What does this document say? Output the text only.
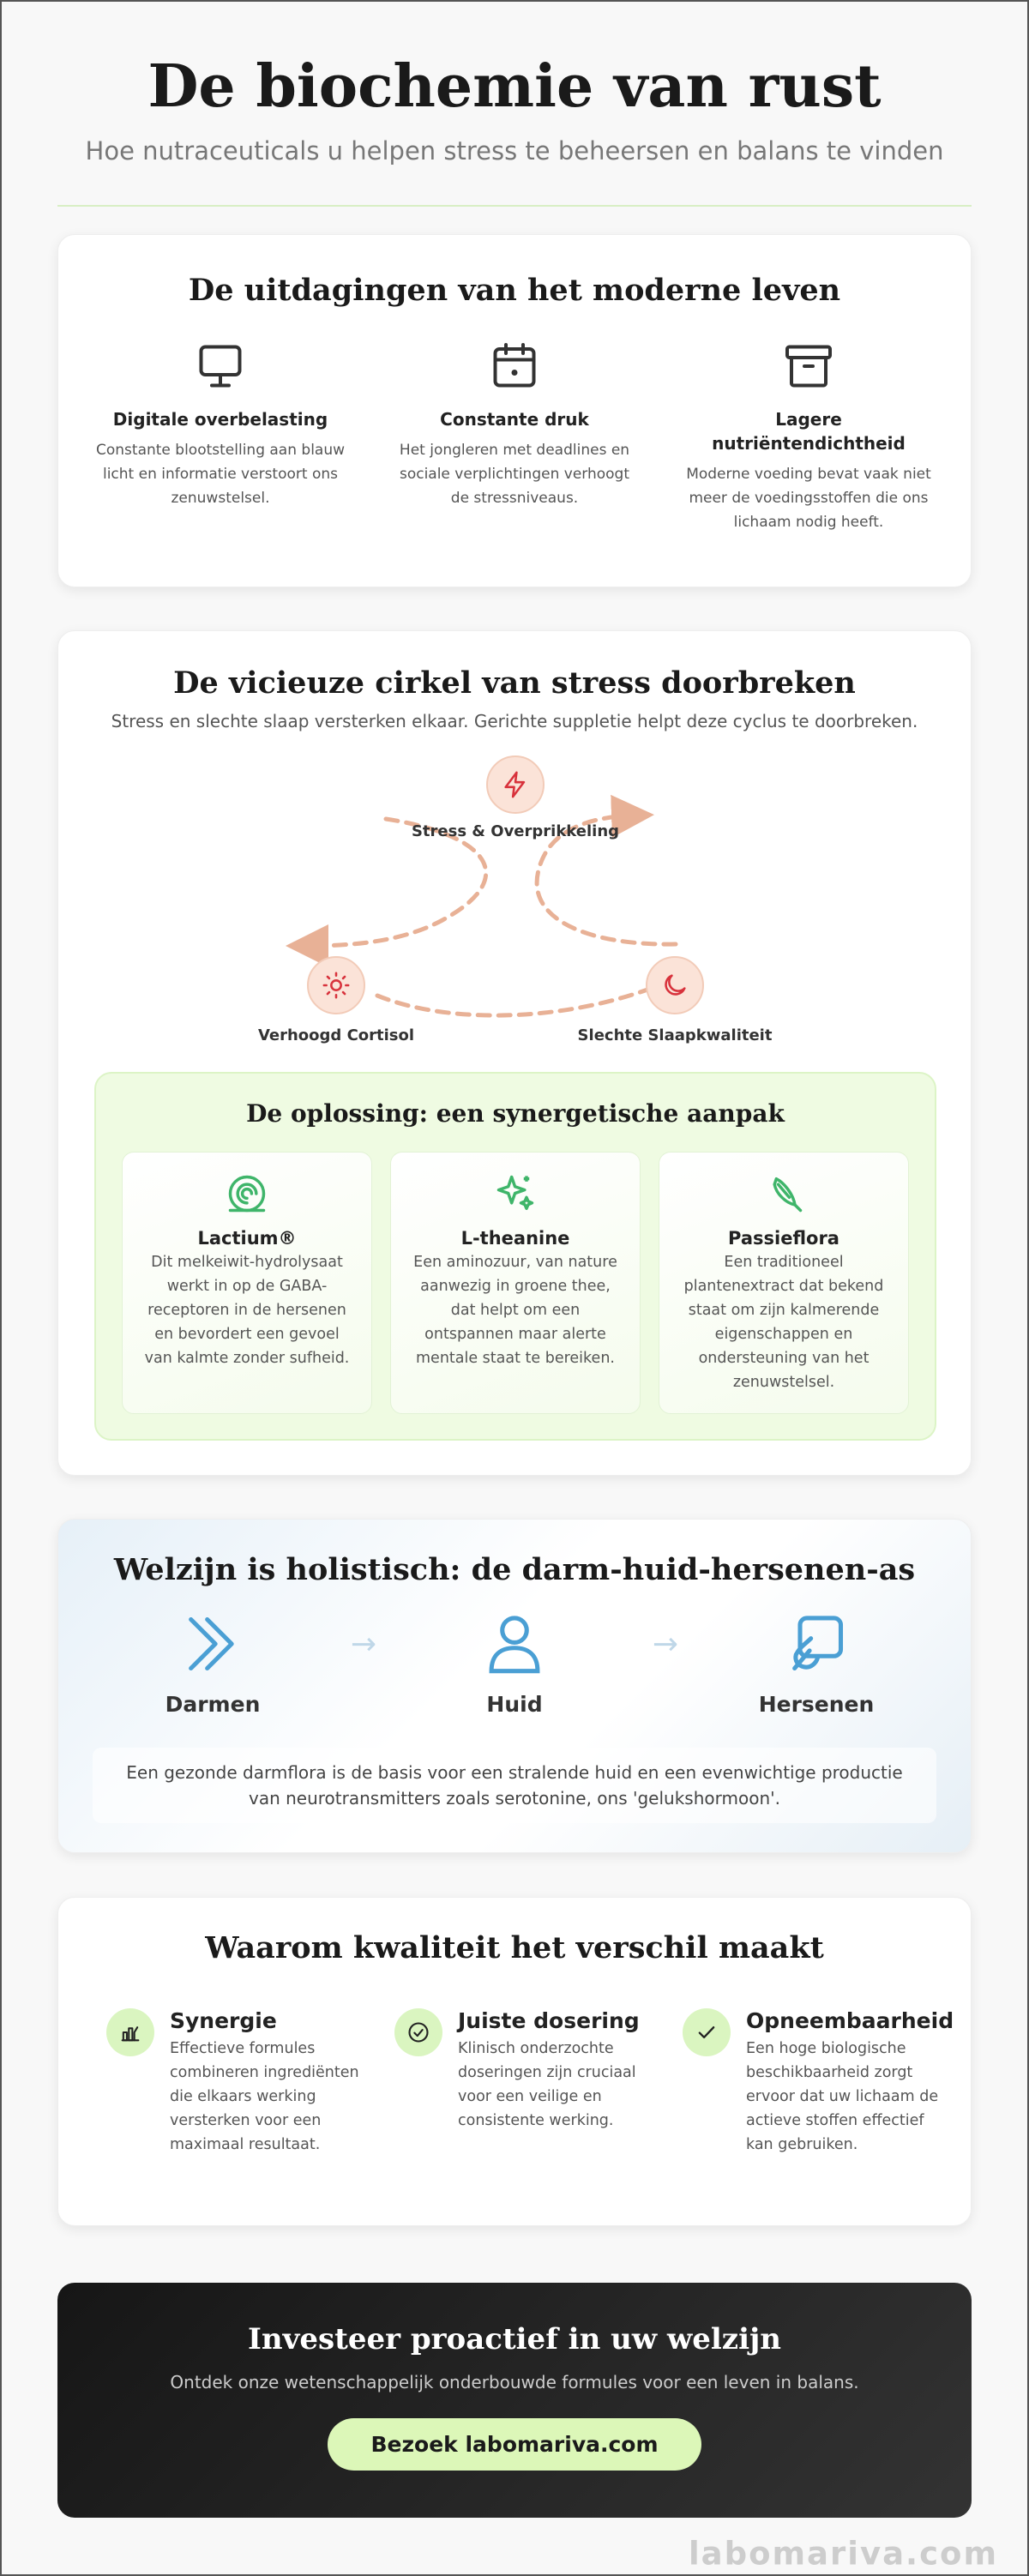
De biochemie van rust

Hoe nutraceuticals u helpen stress te beheersen en balans te vinden

De uitdagingen van het moderne leven
Digitale overbelasting
Constante blootstelling aan blauw licht en informatie verstoort ons zenuwstelsel.
Constante druk
Het jongleren met deadlines en sociale verplichtingen verhoogt de stressniveaus.
Lagere nutriëntendichtheid
Moderne voeding bevat vaak niet meer de voedingsstoffen die ons lichaam nodig heeft.
De vicieuze cirkel van stress doorbreken

Stress en slechte slaap versterken elkaar. Gerichte suppletie helpt deze cyclus te doorbreken.

Stress & Overprikkeling
Verhoogd Cortisol	Slechte Slaapkwaliteit
De oplossing: een synergetische aanpak
Lactium®
Dit melkeiwit-hydrolysaat werkt in op de GABA-receptoren in de hersenen en bevordert een gevoel van kalmte zonder sufheid.
L-theanine
Een aminozuur, van nature aanwezig in groene thee, dat helpt om een ontspannen maar alerte mentale staat te bereiken.
Passieflora
Een traditioneel plantenextract dat bekend staat om zijn kalmerende eigenschappen en ondersteuning van het zenuwstelsel.
Welzijn is holistisch: de darm-huid-hersenen-as
Darmen
→
Huid
→
Hersenen

Een gezonde darmflora is de basis voor een stralende huid en een evenwichtige productie van neurotransmitters zoals serotonine, ons 'gelukshormoon'.

Waarom kwaliteit het verschil maakt
Synergie
Effectieve formules combineren ingrediënten die elkaars werking versterken voor een maximaal resultaat.
Juiste dosering
Klinisch onderzochte doseringen zijn cruciaal voor een veilige en consistente werking.
Opneembaarheid
Een hoge biologische beschikbaarheid zorgt ervoor dat uw lichaam de actieve stoffen effectief kan gebruiken.
Investeer proactief in uw welzijn

Ontdek onze wetenschappelijk onderbouwde formules voor een leven in balans.

Bezoek labomariva.com
labomariva.com
